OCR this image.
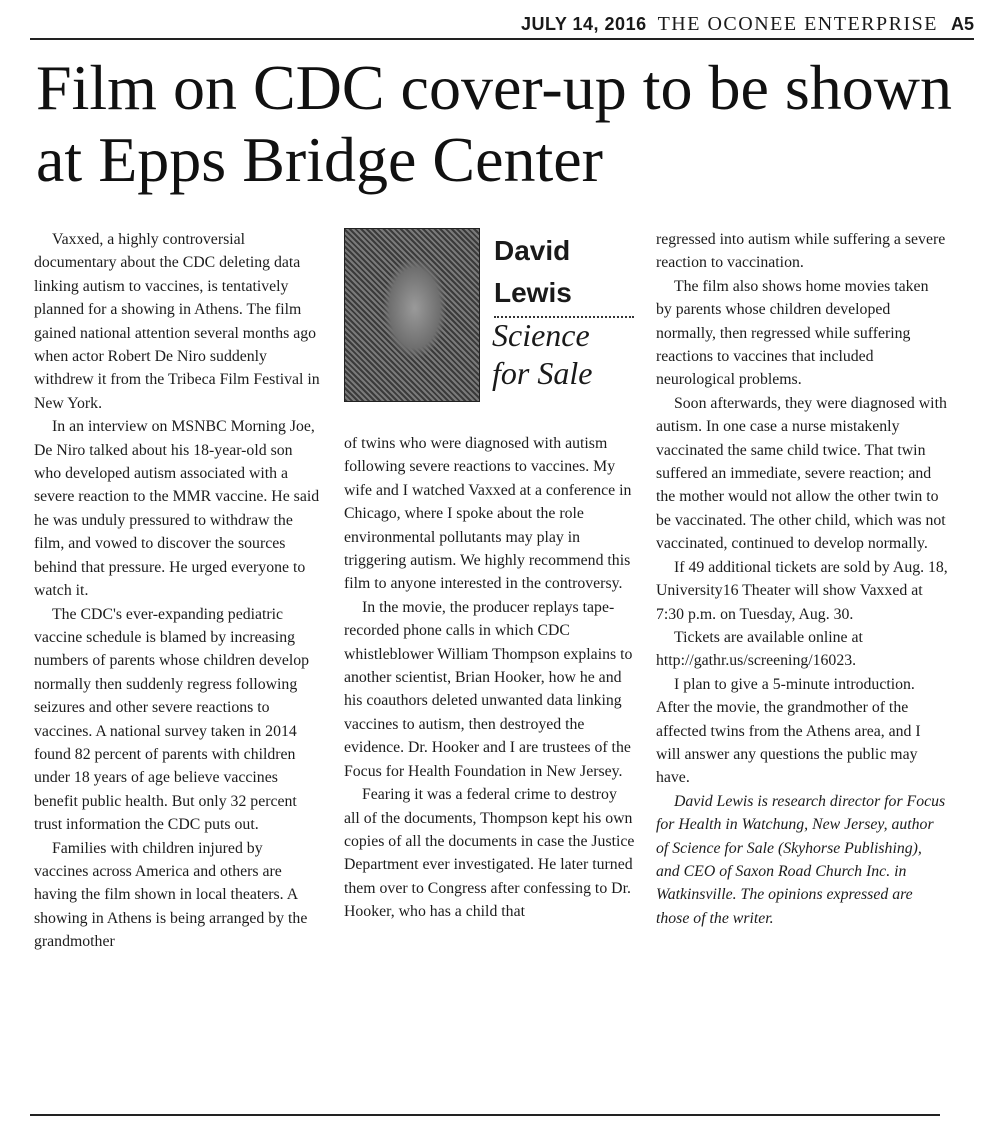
JULY 14, 2016 THE OCONEE ENTERPRISE A5
Film on CDC cover-up to be shown at Epps Bridge Center

Vaxxed, a highly controversial documentary about the CDC deleting data linking autism to vaccines, is tentatively planned for a showing in Athens. The film gained national attention several months ago when actor Robert De Niro suddenly withdrew it from the Tribeca Film Festival in New York.

In an interview on MSNBC Morning Joe, De Niro talked about his 18-year-old son who developed autism associated with a severe reaction to the MMR vaccine. He said he was unduly pressured to withdraw the film, and vowed to discover the sources behind that pressure. He urged everyone to watch it.

The CDC's ever-expanding pediatric vaccine schedule is blamed by increasing numbers of parents whose children develop normally then suddenly regress following seizures and other severe reactions to vaccines. A national survey taken in 2014 found 82 percent of parents with children under 18 years of age believe vaccines benefit public health. But only 32 percent trust information the CDC puts out.

Families with children injured by vaccines across America and others are having the film shown in local theaters. A showing in Athens is being arranged by the grandmother

David
Lewis
Science
for Sale

of twins who were diagnosed with autism following severe reactions to vaccines. My wife and I watched Vaxxed at a conference in Chicago, where I spoke about the role environmental pollutants may play in triggering autism. We highly recommend this film to anyone interested in the controversy.

In the movie, the producer replays tape-recorded phone calls in which CDC whistleblower William Thompson explains to another scientist, Brian Hooker, how he and his coauthors deleted unwanted data linking vaccines to autism, then destroyed the evidence. Dr. Hooker and I are trustees of the Focus for Health Foundation in New Jersey.

Fearing it was a federal crime to destroy all of the documents, Thompson kept his own copies of all the documents in case the Justice Department ever investigated. He later turned them over to Congress after confessing to Dr. Hooker, who has a child that

regressed into autism while suffering a severe reaction to vaccination.

The film also shows home movies taken by parents whose children developed normally, then regressed while suffering reactions to vaccines that included neurological problems.

Soon afterwards, they were diagnosed with autism. In one case a nurse mistakenly vaccinated the same child twice. That twin suffered an immediate, severe reaction; and the mother would not allow the other twin to be vaccinated. The other child, which was not vaccinated, continued to develop normally.

If 49 additional tickets are sold by Aug. 18, University16 Theater will show Vaxxed at 7:30 p.m. on Tuesday, Aug. 30.

Tickets are available online at http://gathr.us/screening/16023.

I plan to give a 5-minute introduction. After the movie, the grandmother of the affected twins from the Athens area, and I will answer any questions the public may have.

David Lewis is research director for Focus for Health in Watchung, New Jersey, author of Science for Sale (Skyhorse Publishing), and CEO of Saxon Road Church Inc. in Watkinsville. The opinions expressed are those of the writer.
